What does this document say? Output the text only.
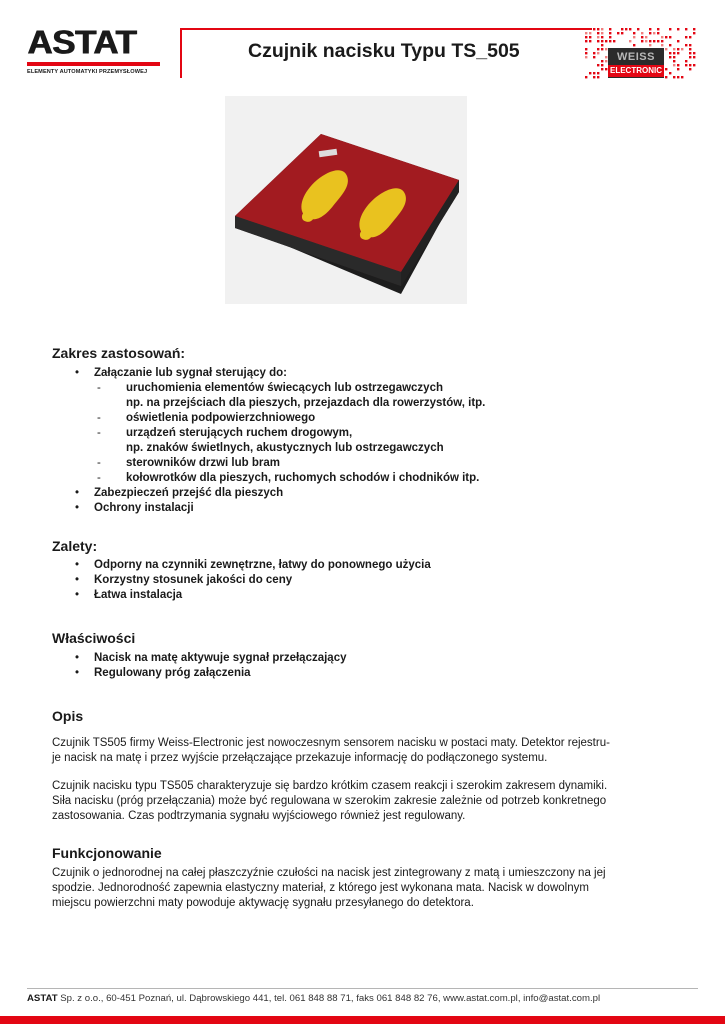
ASTAT
ELEMENTY AUTOMATYKI PRZEMYSŁOWEJ
Czujnik nacisku Typu TS_505	WEISS
ELECTRONIC
Zakres zastosowań:
• Załączanie lub sygnał sterujący do:
- uruchomienia elementów świecących lub ostrzegawczych
np. na przejściach dla pieszych, przejazdach dla rowerzystów, itp.
- oświetlenia podpowierzchniowego
- urządzeń sterujących ruchem drogowym,
np. znaków świetlnych, akustycznych lub ostrzegawczych
- sterowników drzwi lub bram
- kołowrotków dla pieszych, ruchomych schodów i chodników itp.
• Zabezpieczeń przejść dla pieszych
• Ochrony instalacji
Zalety:
• Odporny na czynniki zewnętrzne, łatwy do ponownego użycia
• Korzystny stosunek jakości do ceny
• Łatwa instalacja
Właściwości
• Nacisk na matę aktywuje sygnał przełączający
• Regulowany próg załączenia
Opis

Czujnik TS505 firmy Weiss-Electronic jest nowoczesnym sensorem nacisku w postaci maty. Detektor rejestru-

je nacisk na matę i przez wyjście przełączające przekazuje informację do podłączonego systemu.

Czujnik nacisku typu TS505 charakteryzuje się bardzo krótkim czasem reakcji i szerokim zakresem dynamiki.

Siła nacisku (próg przełączania) może być regulowana w szerokim zakresie zależnie od potrzeb konkretnego

zastosowania. Czas podtrzymania sygnału wyjściowego również jest regulowany.

Funkcjonowanie

Czujnik o jednorodnej na całej płaszczyźnie czułości na nacisk jest zintegrowany z matą i umieszczony na jej

spodzie. Jednorodność zapewnia elastyczny materiał, z którego jest wykonana mata. Nacisk w dowolnym

miejscu powierzchni maty powoduje aktywację sygnału przesyłanego do detektora.

ASTAT Sp. z o.o., 60-451 Poznań, ul. Dąbrowskiego 441, tel. 061 848 88 71, faks 061 848 82 76, www.astat.com.pl, info@astat.com.pl
